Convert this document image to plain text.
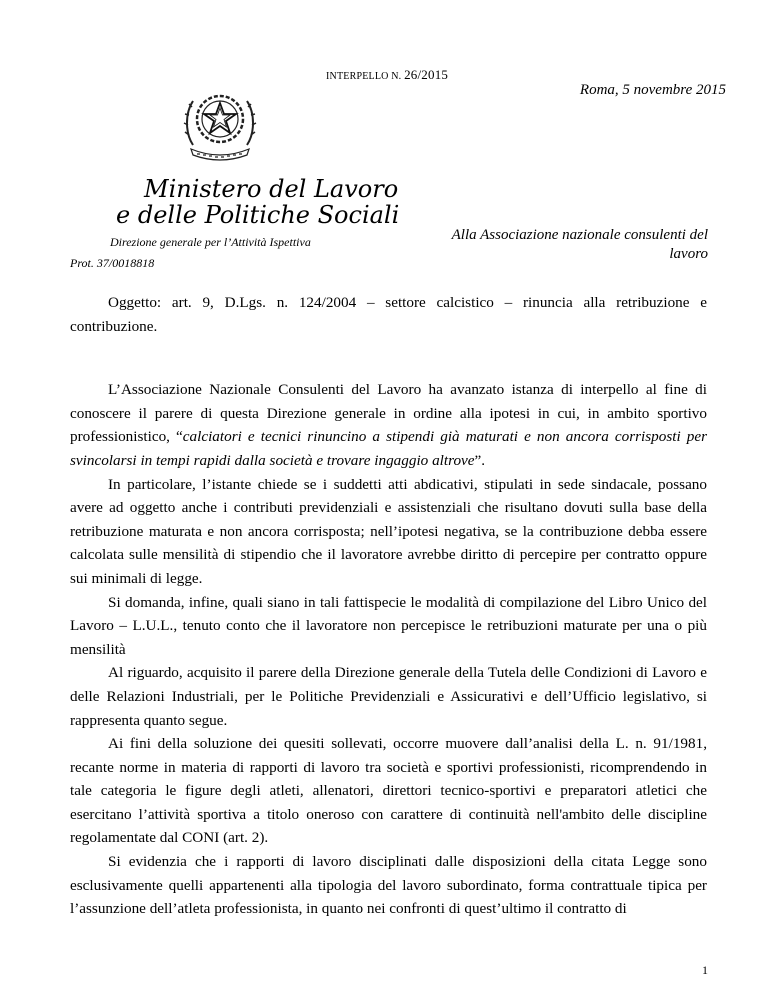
INTERPELLO N. 26/2015
Roma, 5 novembre 2015
Ministero del Lavoro
e delle Politiche Sociali
Direzione generale per l’Attività Ispettiva
Prot. 37/0018818
Alla Associazione nazionale consulenti del lavoro

Oggetto: art. 9, D.Lgs. n. 124/2004 – settore calcistico – rinuncia alla retribuzione e contribuzione.

L’Associazione Nazionale Consulenti del Lavoro ha avanzato istanza di interpello al fine di conoscere il parere di questa Direzione generale in ordine alla ipotesi in cui, in ambito sportivo professionistico, “calciatori e tecnici rinuncino a stipendi già maturati e non ancora corrisposti per svincolarsi in tempi rapidi dalla società e trovare ingaggio altrove”.

In particolare, l’istante chiede se i suddetti atti abdicativi, stipulati in sede sindacale, possano avere ad oggetto anche i contributi previdenziali e assistenziali che risultano dovuti sulla base della retribuzione maturata e non ancora corrisposta; nell’ipotesi negativa, se la contribuzione debba essere calcolata sulle mensilità di stipendio che il lavoratore avrebbe diritto di percepire per contratto oppure sui minimali di legge.

Si domanda, infine, quali siano in tali fattispecie le modalità di compilazione del Libro Unico del Lavoro – L.U.L., tenuto conto che il lavoratore non percepisce le retribuzioni maturate per una o più mensilità

Al riguardo, acquisito il parere della Direzione generale della Tutela delle Condizioni di Lavoro e delle Relazioni Industriali, per le Politiche Previdenziali e Assicurativi e dell’Ufficio legislativo, si rappresenta quanto segue.

Ai fini della soluzione dei quesiti sollevati, occorre muovere dall’analisi della L. n. 91/1981, recante norme in materia di rapporti di lavoro tra società e sportivi professionisti, ricomprendendo in tale categoria le figure degli atleti, allenatori, direttori tecnico-sportivi e preparatori atletici che esercitano l’attività sportiva a titolo oneroso con carattere di continuità nell'ambito delle discipline regolamentate dal CONI (art. 2).

Si evidenzia che i rapporti di lavoro disciplinati dalle disposizioni della citata Legge sono esclusivamente quelli appartenenti alla tipologia del lavoro subordinato, forma contrattuale tipica per l’assunzione dell’atleta professionista, in quanto nei confronti di quest’ultimo il contratto di

1
